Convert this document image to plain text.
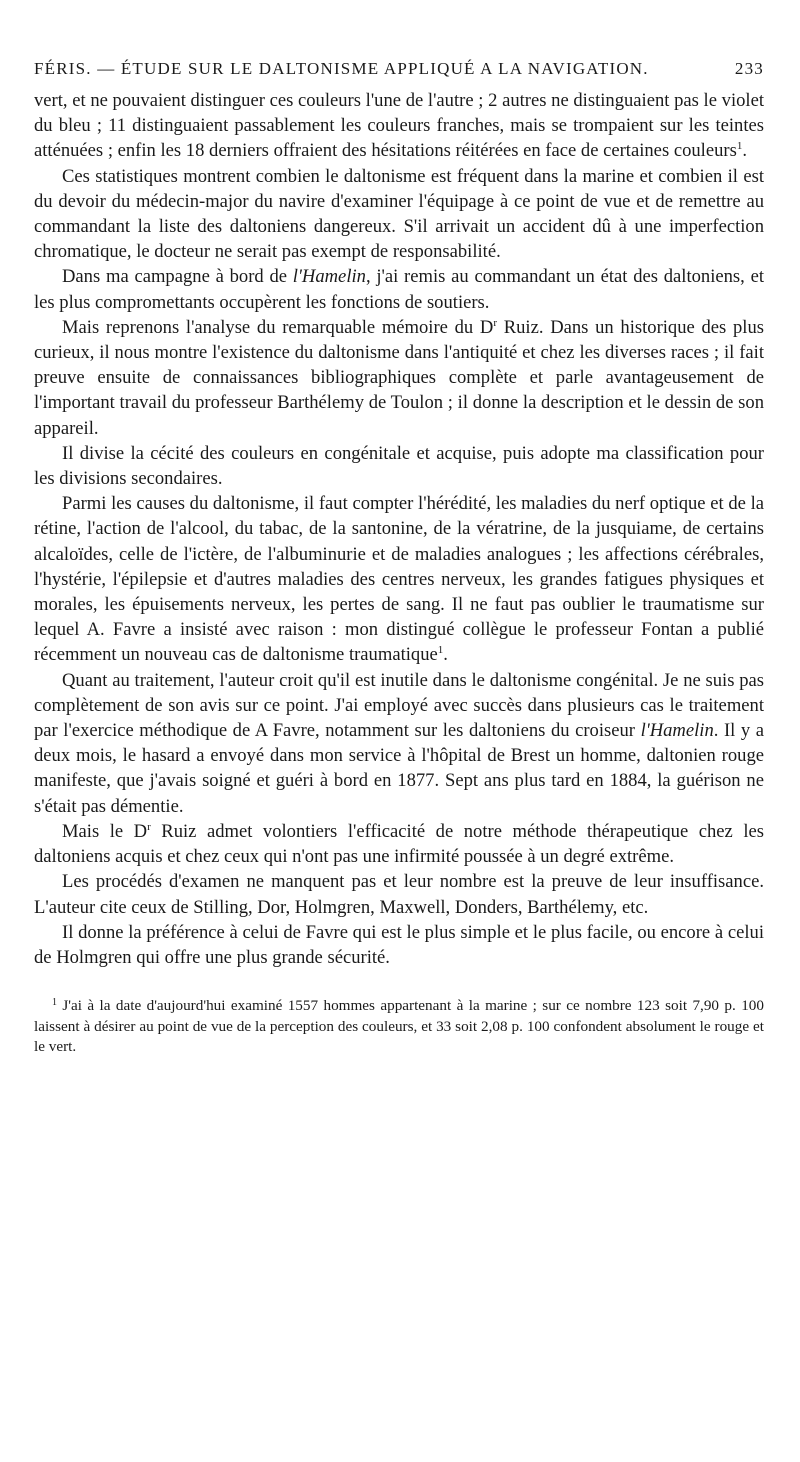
FÉRIS. — ÉTUDE SUR LE DALTONISME APPLIQUÉ A LA NAVIGATION.	233

vert, et ne pouvaient distinguer ces couleurs l'une de l'autre ; 2 autres ne distinguaient pas le violet du bleu ; 11 distinguaient passablement les couleurs franches, mais se trompaient sur les teintes atténuées ; enfin les 18 derniers offraient des hésitations réitérées en face de certaines couleurs$^1$.

Ces statistiques montrent combien le daltonisme est fréquent dans la marine et combien il est du devoir du médecin-major du navire d'examiner l'équipage à ce point de vue et de remettre au commandant la liste des daltoniens dangereux. S'il arrivait un accident dû à une imperfection chromatique, le docteur ne serait pas exempt de responsabilité.

Dans ma campagne à bord de l'Hamelin, j'ai remis au commandant un état des daltoniens, et les plus compromettants occupèrent les fonctions de soutiers.

Mais reprenons l'analyse du remarquable mémoire du $D^r$ Ruiz. Dans un historique des plus curieux, il nous montre l'existence du daltonisme dans l'antiquité et chez les diverses races ; il fait preuve ensuite de connaissances bibliographiques complète et parle avantageusement de l'important travail du professeur Barthélemy de Toulon ; il donne la description et le dessin de son appareil.

Il divise la cécité des couleurs en congénitale et acquise, puis adopte ma classification pour les divisions secondaires.

Parmi les causes du daltonisme, il faut compter l'hérédité, les maladies du nerf optique et de la rétine, l'action de l'alcool, du tabac, de la santonine, de la vératrine, de la jusquiame, de certains alcaloïdes, celle de l'ictère, de l'albuminurie et de maladies analogues ; les affections cérébrales, l'hystérie, l'épilepsie et d'autres maladies des centres nerveux, les grandes fatigues physiques et morales, les épuisements nerveux, les pertes de sang. Il ne faut pas oublier le traumatisme sur lequel A. Favre a insisté avec raison : mon distingué collègue le professeur Fontan a publié récemment un nouveau cas de daltonisme traumatique$^1$.

Quant au traitement, l'auteur croit qu'il est inutile dans le daltonisme congénital. Je ne suis pas complètement de son avis sur ce point. J'ai employé avec succès dans plusieurs cas le traitement par l'exercice méthodique de A Favre, notamment sur les daltoniens du croiseur l'Hamelin. Il y a deux mois, le hasard a envoyé dans mon service à l'hôpital de Brest un homme, daltonien rouge manifeste, que j'avais soigné et guéri à bord en 1877. Sept ans plus tard en 1884, la guérison ne s'était pas démentie.

Mais le $D^r$ Ruiz admet volontiers l'efficacité de notre méthode thérapeutique chez les daltoniens acquis et chez ceux qui n'ont pas une infirmité poussée à un degré extrême.

Les procédés d'examen ne manquent pas et leur nombre est la preuve de leur insuffisance. L'auteur cite ceux de Stilling, Dor, Holmgren, Maxwell, Donders, Barthélemy, etc.

Il donne la préférence à celui de Favre qui est le plus simple et le plus facile, ou encore à celui de Holmgren qui offre une plus grande sécurité.

$^1$ J'ai à la date d'aujourd'hui examiné 1557 hommes appartenant à la marine ; sur ce nombre 123 soit 7,90 p. 100 laissent à désirer au point de vue de la perception des couleurs, et 33 soit 2,08 p. 100 confondent absolument le rouge et le vert.
